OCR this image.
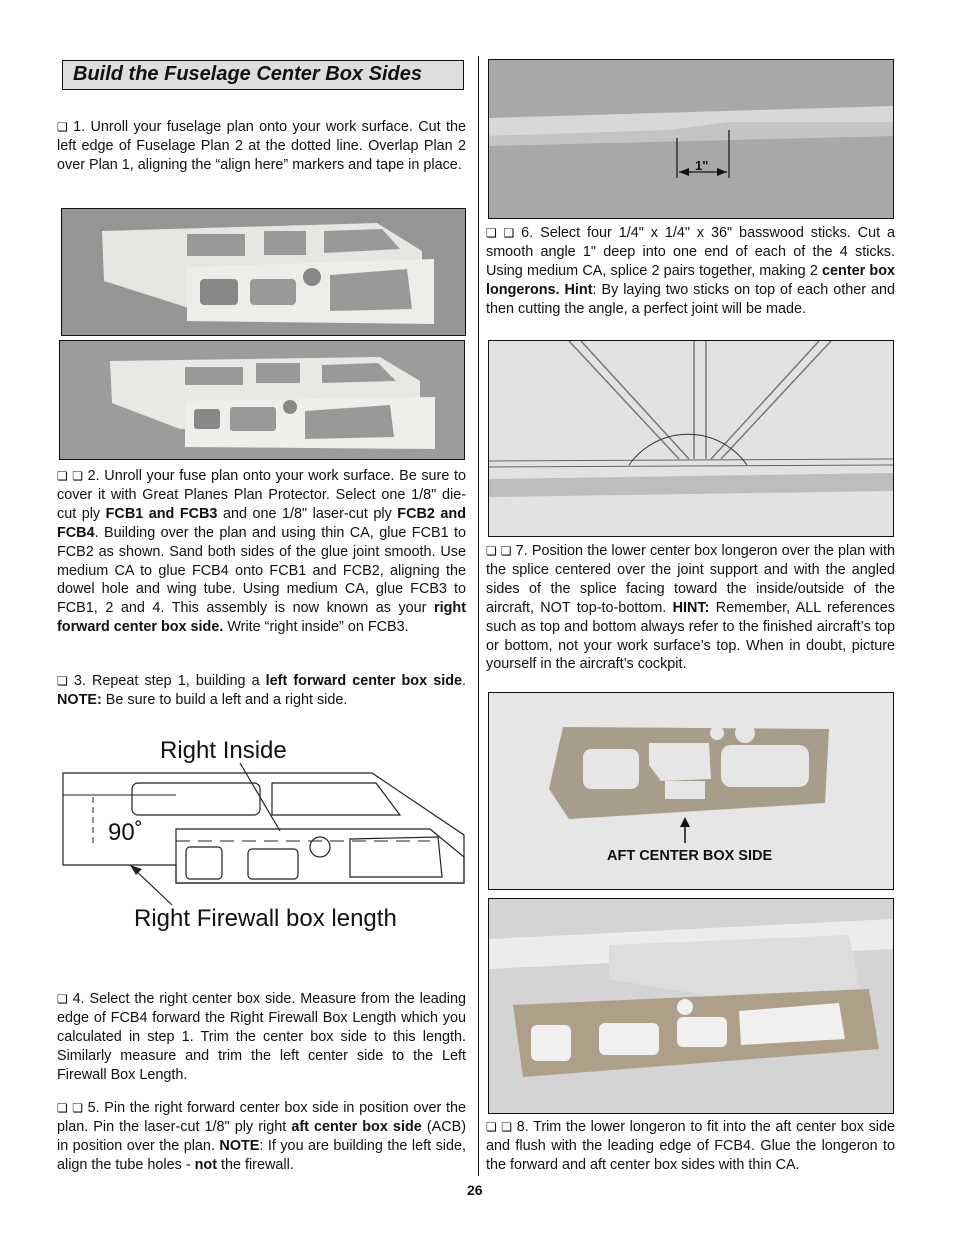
Build the Fuselage Center Box Sides
❏ 1. Unroll your fuselage plan onto your work surface. Cut the left edge of Fuselage Plan 2 at the dotted line. Overlap Plan 2 over Plan 1, aligning the “align here” markers and tape in place.
❏ ❏ 2. Unroll your fuse plan onto your work surface. Be sure to cover it with Great Planes Plan Protector. Select one 1/8" die-cut ply FCB1 and FCB3 and one 1/8" laser-cut ply FCB2 and FCB4. Building over the plan and using thin CA, glue FCB1 to FCB2 as shown. Sand both sides of the glue joint smooth. Use medium CA to glue FCB4 onto FCB1 and FCB2, aligning the dowel hole and wing tube. Using medium CA, glue FCB3 to FCB1, 2 and 4. This assembly is now known as your right forward center box side. Write “right inside” on FCB3.
❏ 3. Repeat step 1, building a left forward center box side. NOTE: Be sure to build a left and a right side.
Right Inside
90˚
Right Firewall box length
❏ 4. Select the right center box side. Measure from the leading edge of FCB4 forward the Right Firewall Box Length which you calculated in step 1. Trim the center box side to this length. Similarly measure and trim the left center side to the Left Firewall Box Length.
❏ ❏ 5. Pin the right forward center box side in position over the plan. Pin the laser-cut 1/8" ply right aft center box side (ACB) in position over the plan. NOTE: If you are building the left side, align the tube holes - not the firewall.
1"
❏ ❏ 6. Select four 1/4" x 1/4" x 36" basswood sticks. Cut a smooth angle 1" deep into one end of each of the 4 sticks. Using medium CA, splice 2 pairs together, making 2 center box longerons. Hint: By laying two sticks on top of each other and then cutting the angle, a perfect joint will be made.
❏ ❏ 7. Position the lower center box longeron over the plan with the splice centered over the joint support and with the angled sides of the splice facing toward the inside/outside of the aircraft, NOT top-to-bottom. HINT: Remember, ALL references such as top and bottom always refer to the finished aircraft’s top or bottom, not your work surface’s top. When in doubt, picture yourself in the aircraft’s cockpit.
AFT CENTER BOX SIDE
❏ ❏ 8. Trim the lower longeron to fit into the aft center box side and flush with the leading edge of FCB4. Glue the longeron to the forward and aft center box sides with thin CA.
26
